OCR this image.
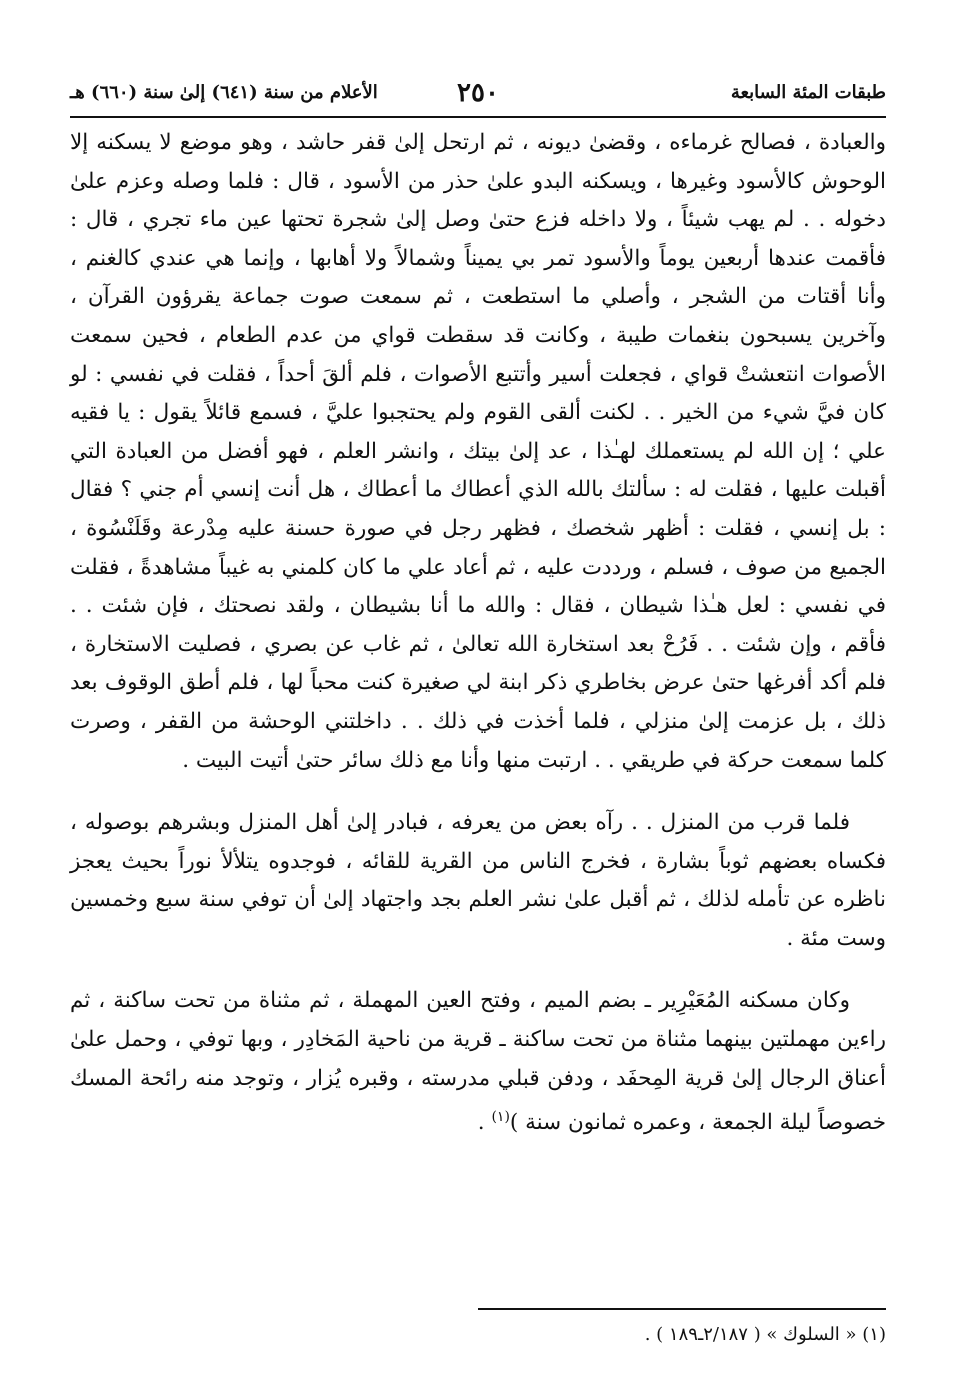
طبقات المئة السابعة
٢٥٠
الأعلام من سنة (٦٤١) إلىٰ سنة (٦٦٠) هـ

والعبادة ، فصالح غرماءه ، وقضىٰ ديونه ، ثم ارتحل إلىٰ قفر حاشد ، وهو موضع لا يسكنه إلا الوحوش كالأسود وغيرها ، ويسكنه البدو علىٰ حذر من الأسود ، قال : فلما وصله وعزم علىٰ دخوله . . لم يهب شيئاً ، ولا داخله فزع حتىٰ وصل إلىٰ شجرة تحتها عين ماء تجري ، قال : فأقمت عندها أربعين يوماً والأسود تمر بي يميناً وشمالاً ولا أهابها ، وإنما هي عندي كالغنم ، وأنا أقتات من الشجر ، وأصلي ما استطعت ، ثم سمعت صوت جماعة يقرؤون القرآن ، وآخرين يسبحون بنغمات طيبة ، وكانت قد سقطت قواي من عدم الطعام ، فحين سمعت الأصوات انتعشتْ قواي ، فجعلت أسير وأتتبع الأصوات ، فلم ألقَ أحداً ، فقلت في نفسي : لو كان فيَّ شيء من الخير . . لكنت ألقى القوم ولم يحتجبوا عليَّ ، فسمع قائلاً يقول : يا فقيه علي ؛ إن الله لم يستعملك لهـٰذا ، عد إلىٰ بيتك ، وانشر العلم ، فهو أفضل من العبادة التي أقبلت عليها ، فقلت له : سألتك بالله الذي أعطاك ما أعطاك ، هل أنت إنسي أم جني ؟ فقال : بل إنسي ، فقلت : أظهر شخصك ، فظهر رجل في صورة حسنة عليه مِدْرعة وقَلَنْسُوة ، الجميع من صوف ، فسلم ، ورددت عليه ، ثم أعاد علي ما كان كلمني به غيباً مشاهدةً ، فقلت في نفسي : لعل هـٰذا شيطان ، فقال : والله ما أنا بشيطان ، ولقد نصحتك ، فإن شئت . . فأقم ، وإن شئت . . فَرُحْ بعد استخارة الله تعالىٰ ، ثم غاب عن بصري ، فصليت الاستخارة ، فلم أكد أفرغها حتىٰ عرض بخاطري ذكر ابنة لي صغيرة كنت محباً لها ، فلم أطق الوقوف بعد ذلك ، بل عزمت إلىٰ منزلي ، فلما أخذت في ذلك . . داخلتني الوحشة من القفر ، وصرت كلما سمعت حركة في طريقي . . ارتبت منها وأنا مع ذلك سائر حتىٰ أتيت البيت .

فلما قرب من المنزل . . رآه بعض من يعرفه ، فبادر إلىٰ أهل المنزل وبشرهم بوصوله ، فكساه بعضهم ثوباً بشارة ، فخرج الناس من القرية للقائه ، فوجدوه يتلألأ نوراً بحيث يعجز ناظره عن تأمله لذلك ، ثم أقبل علىٰ نشر العلم بجد واجتهاد إلىٰ أن توفي سنة سبع وخمسين وست مئة .

وكان مسكنه المُعَيْرِير ـ بضم الميم ، وفتح العين المهملة ، ثم مثناة من تحت ساكنة ، ثم راءين مهملتين بينهما مثناة من تحت ساكنة ـ قرية من ناحية المَخادِر ، وبها توفي ، وحمل علىٰ أعناق الرجال إلىٰ قرية المِحفَد ، ودفن قبلي مدرسته ، وقبره يُزار ، وتوجد منه رائحة المسك خصوصاً ليلة الجمعة ، وعمره ثمانون سنة )$^{(١)}$ .

(١) « السلوك » ( ٢/١٨٧ـ١٨٩ ) .
